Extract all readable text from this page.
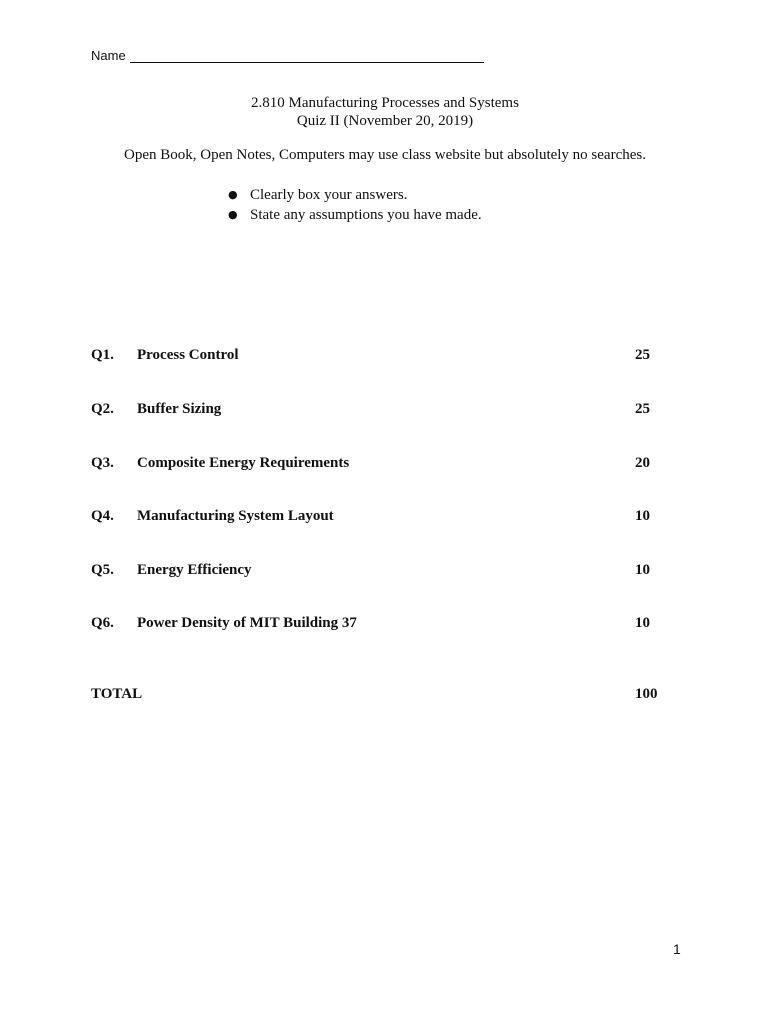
Name
2.810 Manufacturing Processes and Systems
Quiz II (November 20, 2019)
Open Book, Open Notes, Computers may use class website but absolutely no searches.
● Clearly box your answers.
● State any assumptions you have made.
Q1. Process Control	25
Q2. Buffer Sizing	25
Q3. Composite Energy Requirements	20
Q4. Manufacturing System Layout	10
Q5. Energy Efficiency	10
Q6. Power Density of MIT Building 37	10
TOTAL	100
1
